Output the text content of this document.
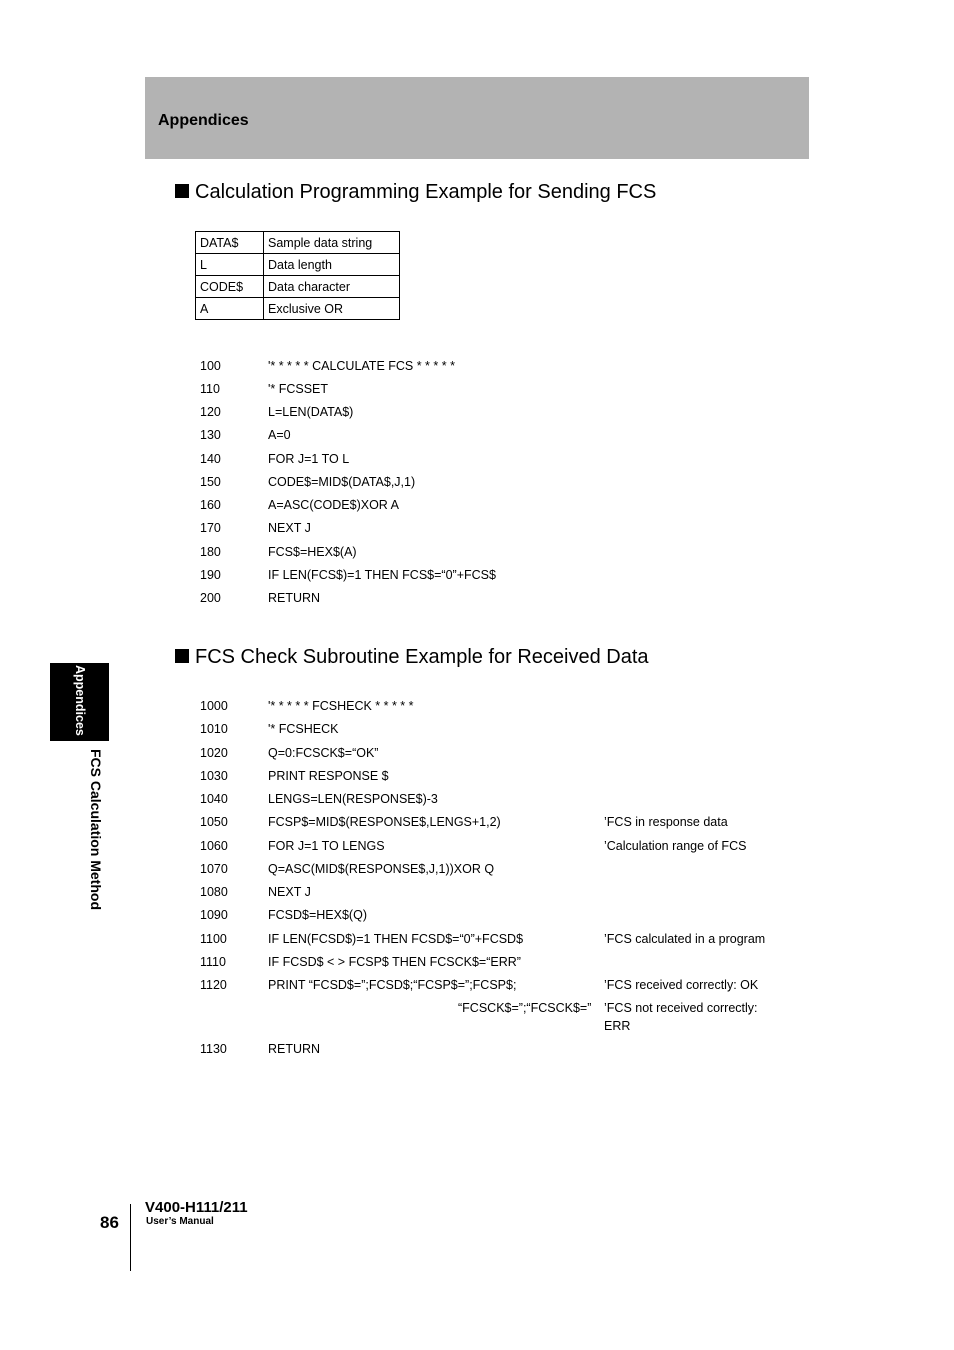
Appendices
Calculation Programming Example for Sending FCS
DATA$	Sample data string
L	Data length
CODE$	Data character
A	Exclusive OR
100	'* * * * * CALCULATE FCS * * * * *
110	'* FCSSET
120	L=LEN(DATA$)
130	A=0
140	FOR J=1 TO L
150	CODE$=MID$(DATA$,J,1)
160	A=ASC(CODE$)XOR A
170	NEXT J
180	FCS$=HEX$(A)
190	IF LEN(FCS$)=1 THEN FCS$=“0”+FCS$
200	RETURN
FCS Check Subroutine Example for Received Data
1000	'* * * * * FCSHECK * * * * *
1010	'* FCSHECK
1020	Q=0:FCSCK$=“OK”
1030	PRINT RESPONSE $
1040	LENGS=LEN(RESPONSE$)-3
1050	FCSP$=MID$(RESPONSE$,LENGS+1,2)	’FCS in response data
1060	FOR J=1 TO LENGS	’Calculation range of FCS
1070	Q=ASC(MID$(RESPONSE$,J,1))XOR Q
1080	NEXT J
1090	FCSD$=HEX$(Q)
1100	IF LEN(FCSD$)=1 THEN FCSD$=“0”+FCSD$	’FCS calculated in a program
1110	IF FCSD$ < > FCSP$ THEN FCSCK$=“ERR”
1120	PRINT “FCSD$=”;FCSD$;“FCSP$=”;FCSP$;	’FCS received correctly: OK
“FCSCK$=”;“FCSCK$=” ’FCS not received correctly:
ERR
1130	RETURN
Appendices
FCS Calculation Method
86
V400-H111/211
User’s Manual
